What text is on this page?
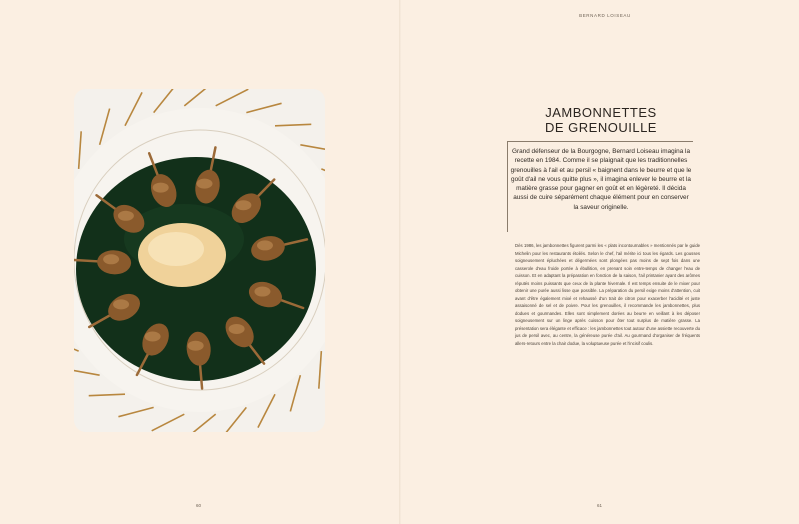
BERNARD LOISEAU
JAMBONNETTES
DE GRENOUILLE

Grand défenseur de la Bourgogne, Bernard Loiseau imagina la recette en 1984. Comme il se plaignait que les traditionnelles grenouilles à l'ail et au persil « baignent dans le beurre et que le goût d'ail ne vous quitte plus », il imagina enlever le beurre et la matière grasse pour gagner en goût et en légèreté. Il décida aussi de cuire séparément chaque élément pour en conserver la saveur originelle.

Dès 1986, les jambonnettes figurent parmi les « plats incontournables » mentionnés par le guide Michelin pour les restaurants étoilés. Selon le chef, l'ail mérite ici tous les égards. Les gousses soigneusement épluchées et dégermées sont plongées pas moins de sept fois dans une casserole d'eau froide portée à ébullition, en prenant soin entre-temps de changer l'eau de cuisson. Et en adaptant la préparation en fonction de la saison, l'ail printanier ayant des arômes réputés moins puissants que ceux de la plante hivernale. Il est temps ensuite de le mixer pour obtenir une purée aussi lisse que possible. La préparation du persil exige moins d'attention, cuit avant d'être également mixé et rehaussé d'un trait de citron pour exacerber l'acidité et juste assaisonné de sel et de poivre. Pour les grenouilles, il recommande les jambonnettes, plus dodues et gourmandes. Elles sont simplement dorées au beurre en veillant à les déposer soigneusement sur un linge après cuisson pour ôter tout surplus de matière grasse. La présentation sera élégante et efficace : les jambonnettes tout autour d'une assiette recouverte du jus de persil avec, au centre, la généreuse purée d'ail. Au gourmand d'organiser de fréquents allers-retours entre la chair dodue, la voluptueuse purée et l'incisif coulis.

60	61
